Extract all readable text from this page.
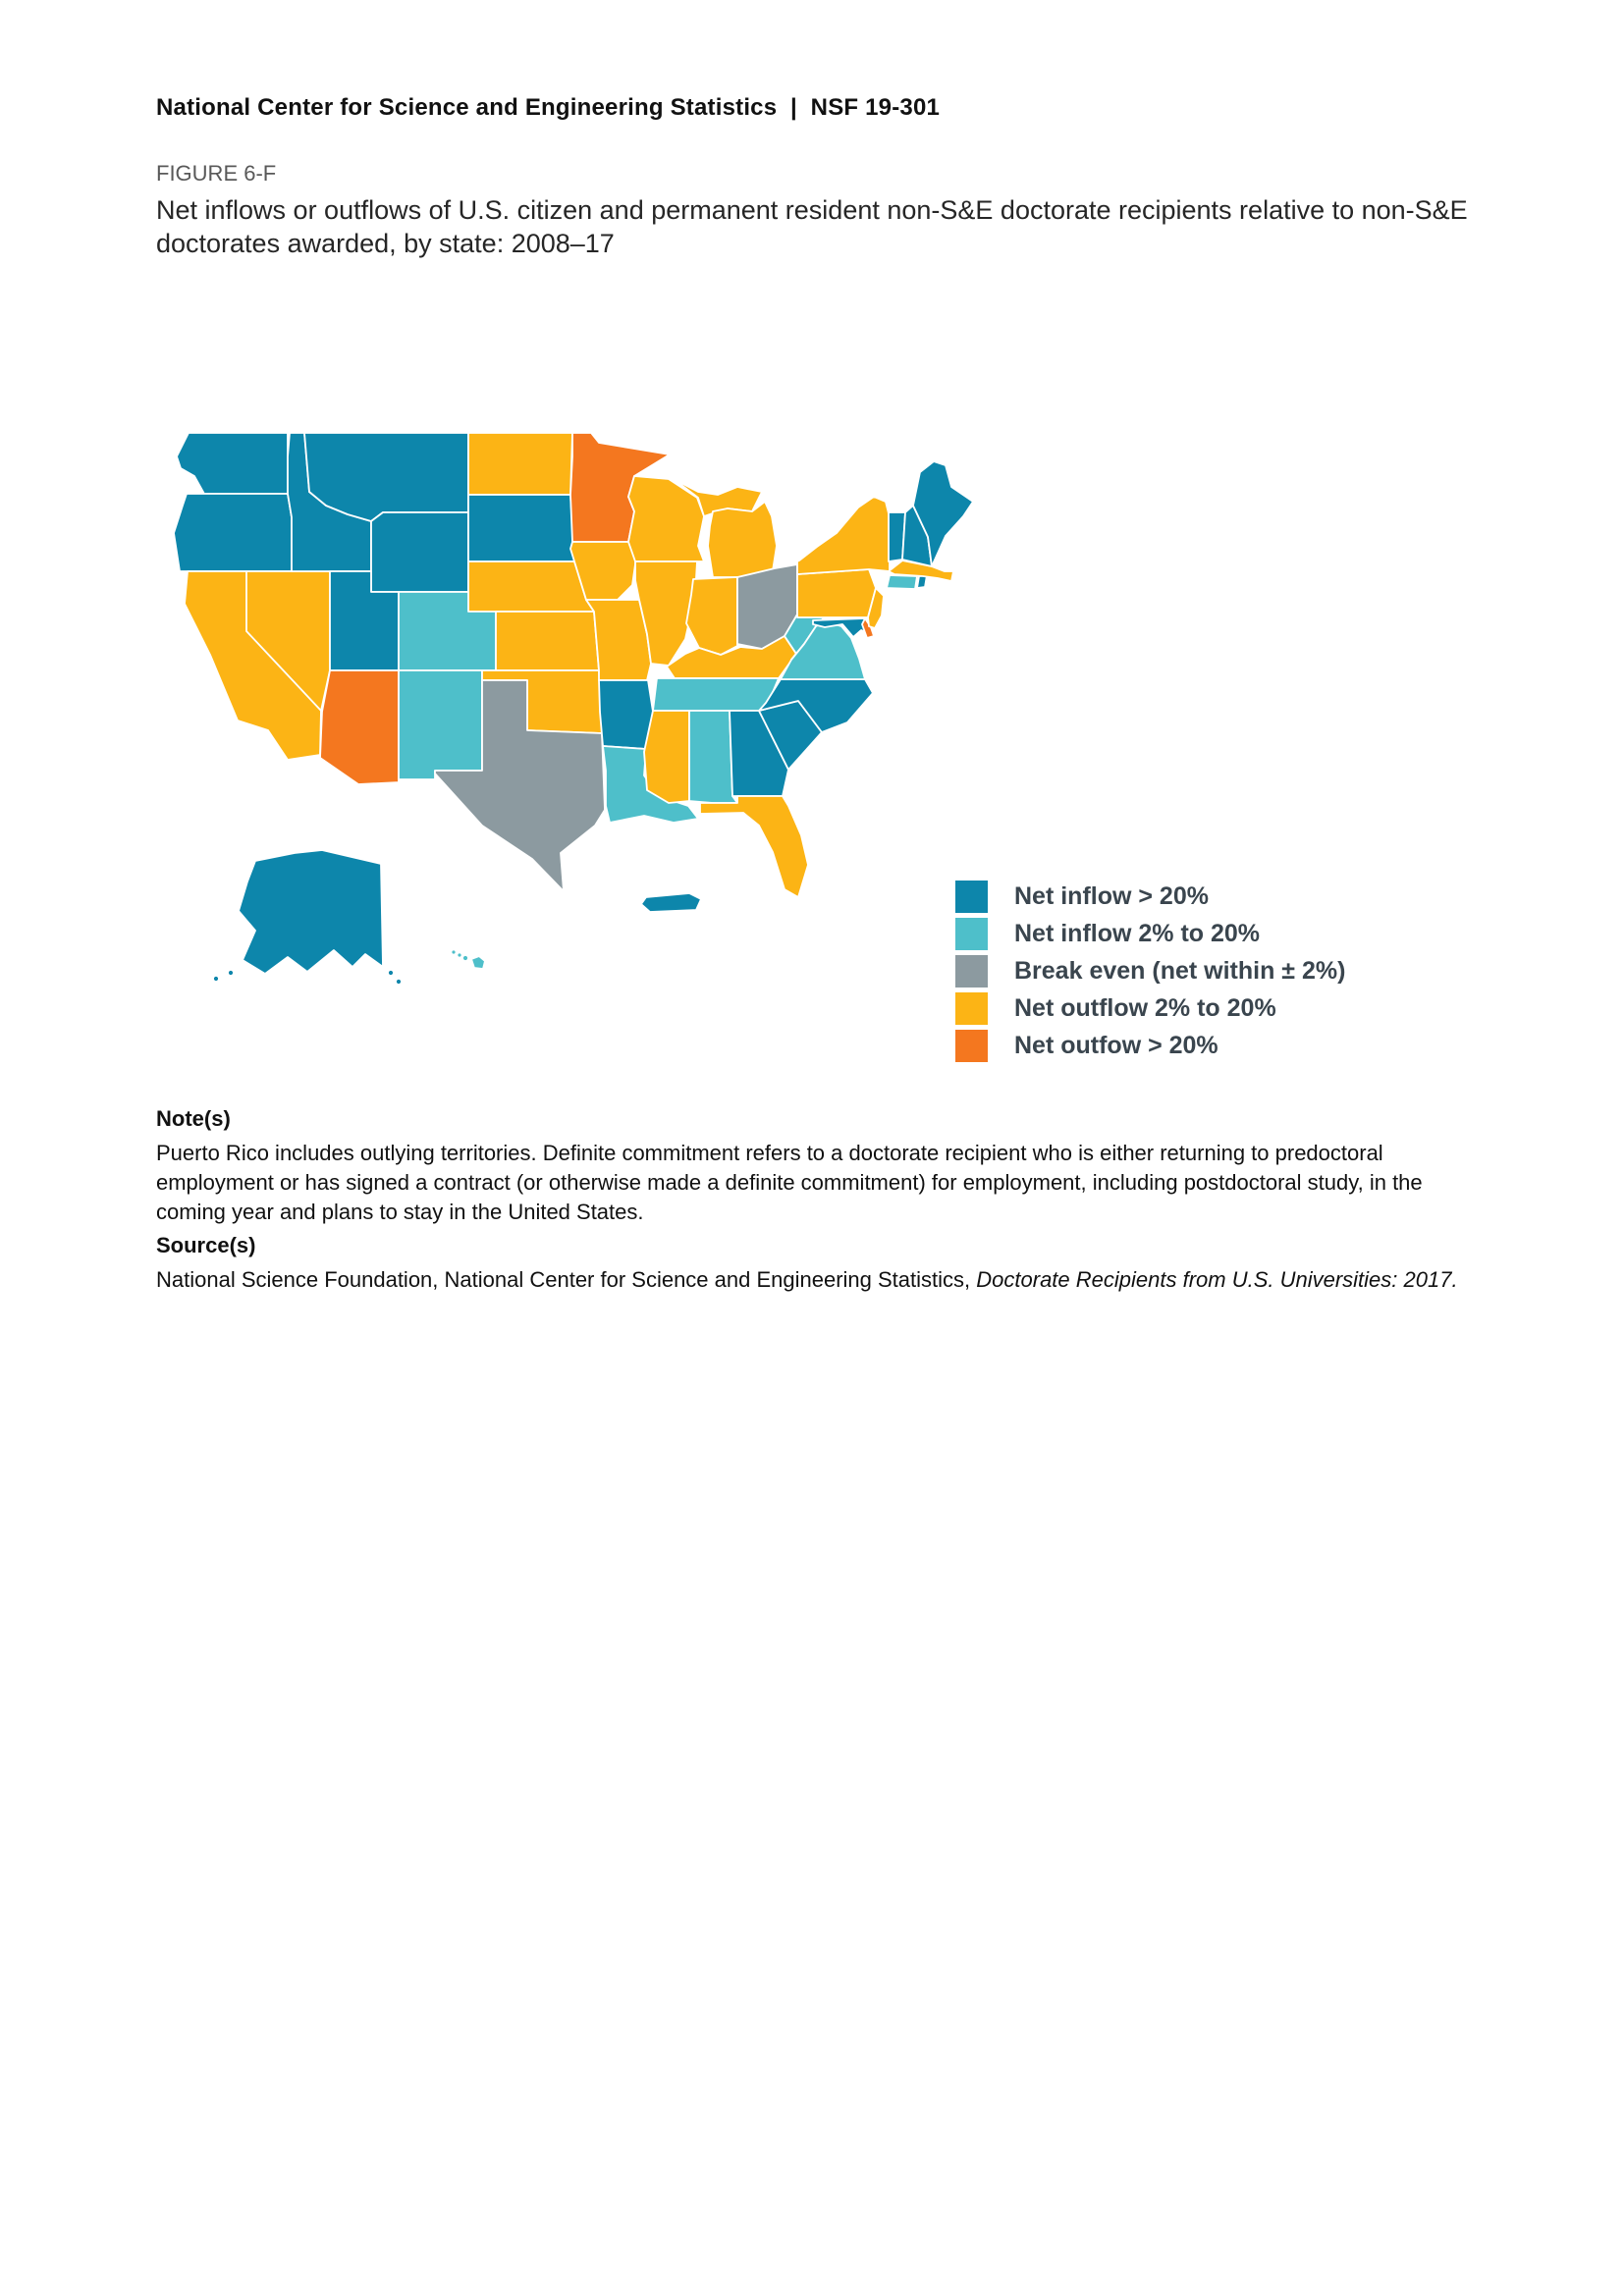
National Center for Science and Engineering Statistics  |  NSF 19-301
FIGURE 6-F
Net inflows or outflows of U.S. citizen and permanent resident non-S&E doctorate recipients relative to non-S&E doctorates awarded, by state: 2008–17
Net inflow > 20%
Net inflow 2% to 20%
Break even (net within ± 2%)
Net outflow 2% to 20%
Net outfow > 20%
Note(s)
Puerto Rico includes outlying territories. Definite commitment refers to a doctorate recipient who is either returning to predoctoral employment or has signed a contract (or otherwise made a definite commitment) for employment, including postdoctoral study, in the coming year and plans to stay in the United States.
Source(s)
National Science Foundation, National Center for Science and Engineering Statistics, Doctorate Recipients from U.S. Universities: 2017.
